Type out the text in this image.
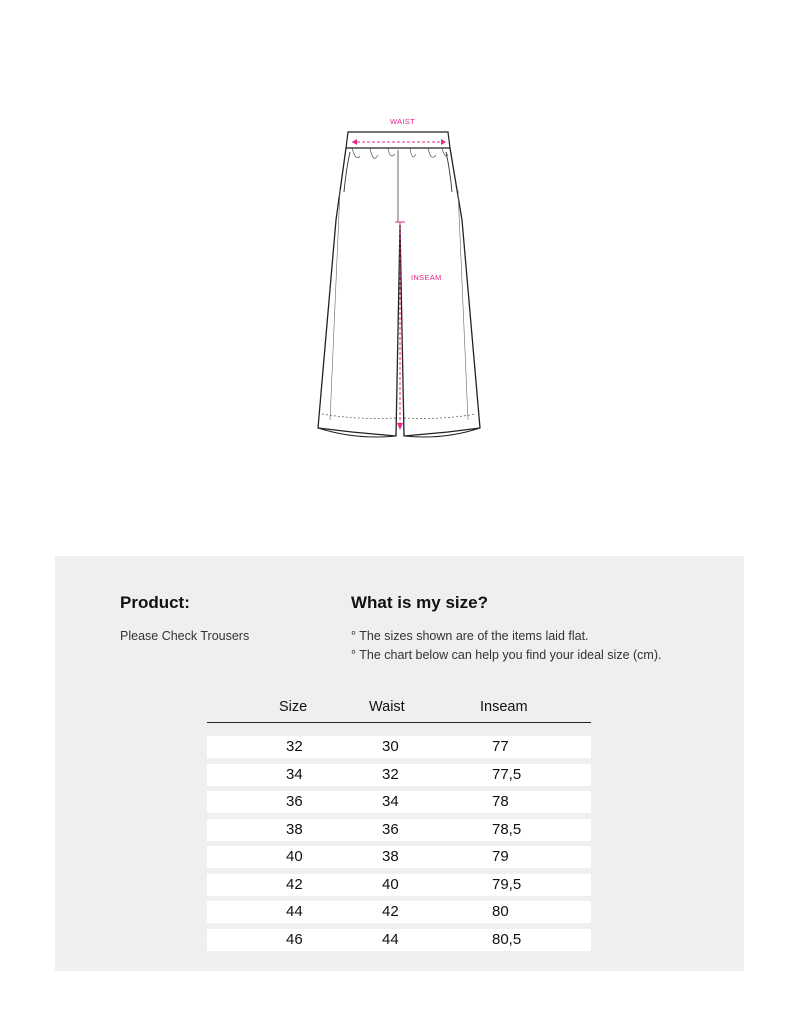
WAIST
INSEAM
Product:
Please Check Trousers
What is my size?
° The sizes shown are of the items laid flat.
° The chart below can help you find your ideal size (cm).
Size	Waist	Inseam
32	30	77
34	32	77,5
36	34	78
38	36	78,5
40	38	79
42	40	79,5
44	42	80
46	44	80,5
